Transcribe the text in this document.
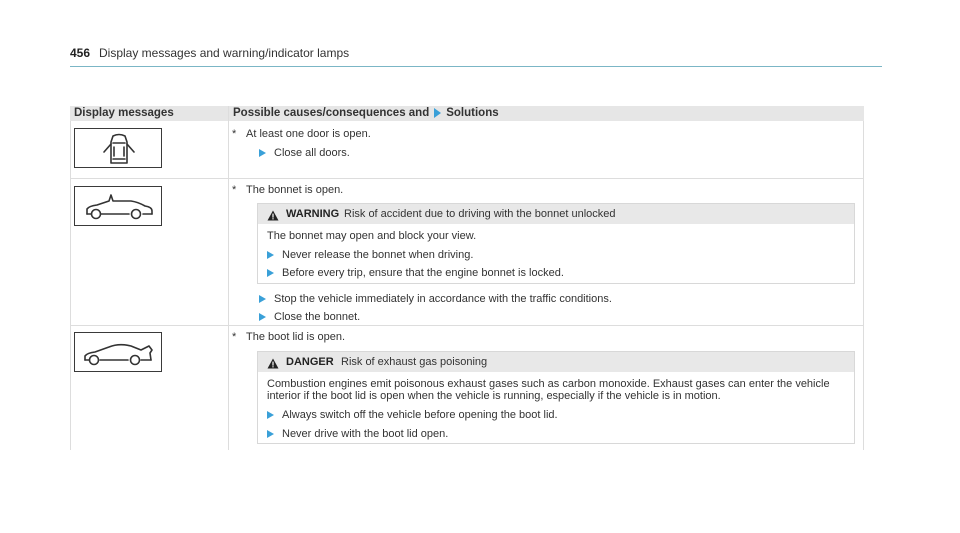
456 Display messages and warning/indicator lamps
Display messages	Possible causes/consequences and Solutions
* At least one door is open.
Close all doors.
* The bonnet is open.
WARNING Risk of accident due to driving with the bonnet unlocked
The bonnet may open and block your view.
Never release the bonnet when driving.
Before every trip, ensure that the engine bonnet is locked.
Stop the vehicle immediately in accordance with the traffic conditions.
Close the bonnet.
* The boot lid is open.
DANGER Risk of exhaust gas poisoning
Combustion engines emit poisonous exhaust gases such as carbon monoxide. Exhaust gases can enter the vehicle
interior if the boot lid is open when the vehicle is running, especially if the vehicle is in motion.
Always switch off the vehicle before opening the boot lid.
Never drive with the boot lid open.
